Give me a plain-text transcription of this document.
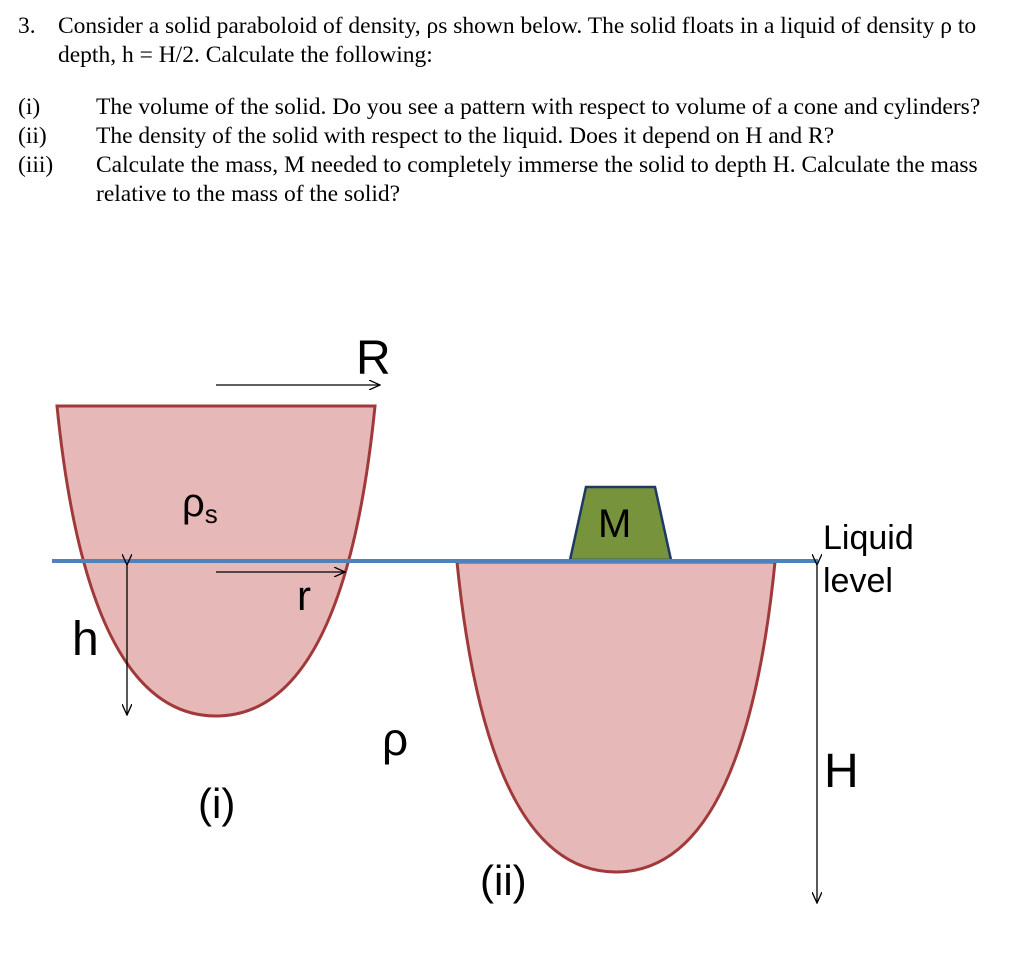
3. Consider a solid paraboloid of density, ρs shown below. The solid floats in a liquid of density ρ to depth, h = H/2. Calculate the following:
(i)	The volume of the solid. Do you see a pattern with respect to volume of a cone and cylinders?
(ii)	The density of the solid with respect to the liquid. Does it depend on H and R?
(iii)	Calculate the mass, M needed to completely immerse the solid to depth H. Calculate the mass relative to the mass of the solid?
R
ρs
r
h
ρ
(i)
(ii)
M	Liquid
level
H
